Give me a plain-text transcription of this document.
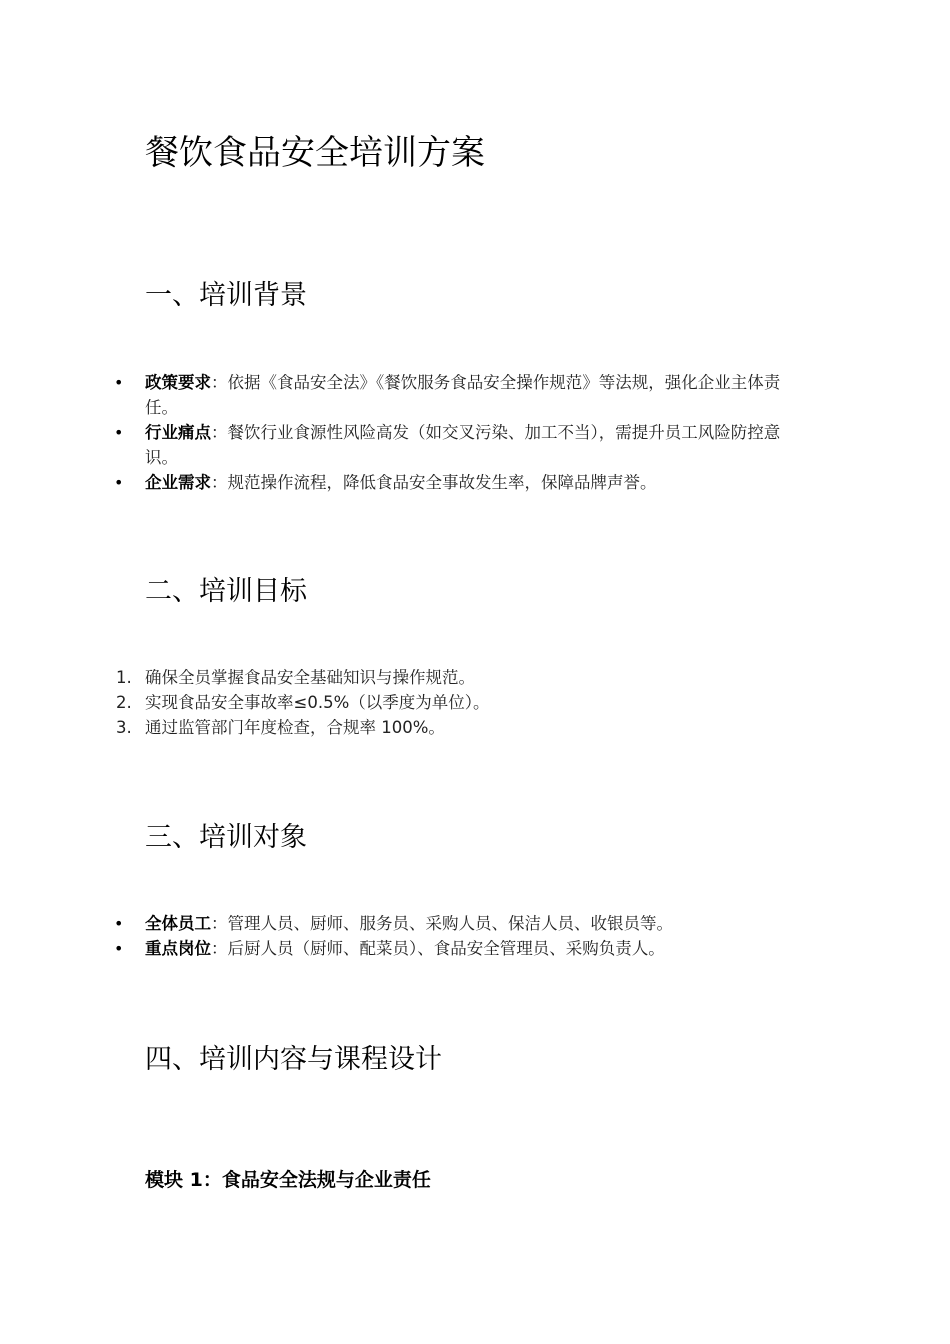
餐饮食品安全培训方案
一、培训背景
• 政策要求：依据《食品安全法》《餐饮服务食品安全操作规范》等法规，强化企业主体责任。
• 行业痛点：餐饮行业食源性风险高发（如交叉污染、加工不当），需提升员工风险防控意识。
• 企业需求：规范操作流程，降低食品安全事故发生率，保障品牌声誉。
二、培训目标
1. 确保全员掌握食品安全基础知识与操作规范。
2. 实现食品安全事故率≤0.5%（以季度为单位）。
3. 通过监管部门年度检查，合规率 100%。
三、培训对象
• 全体员工：管理人员、厨师、服务员、采购人员、保洁人员、收银员等。
• 重点岗位：后厨人员（厨师、配菜员）、食品安全管理员、采购负责人。
四、培训内容与课程设计
模块 1：食品安全法规与企业责任
